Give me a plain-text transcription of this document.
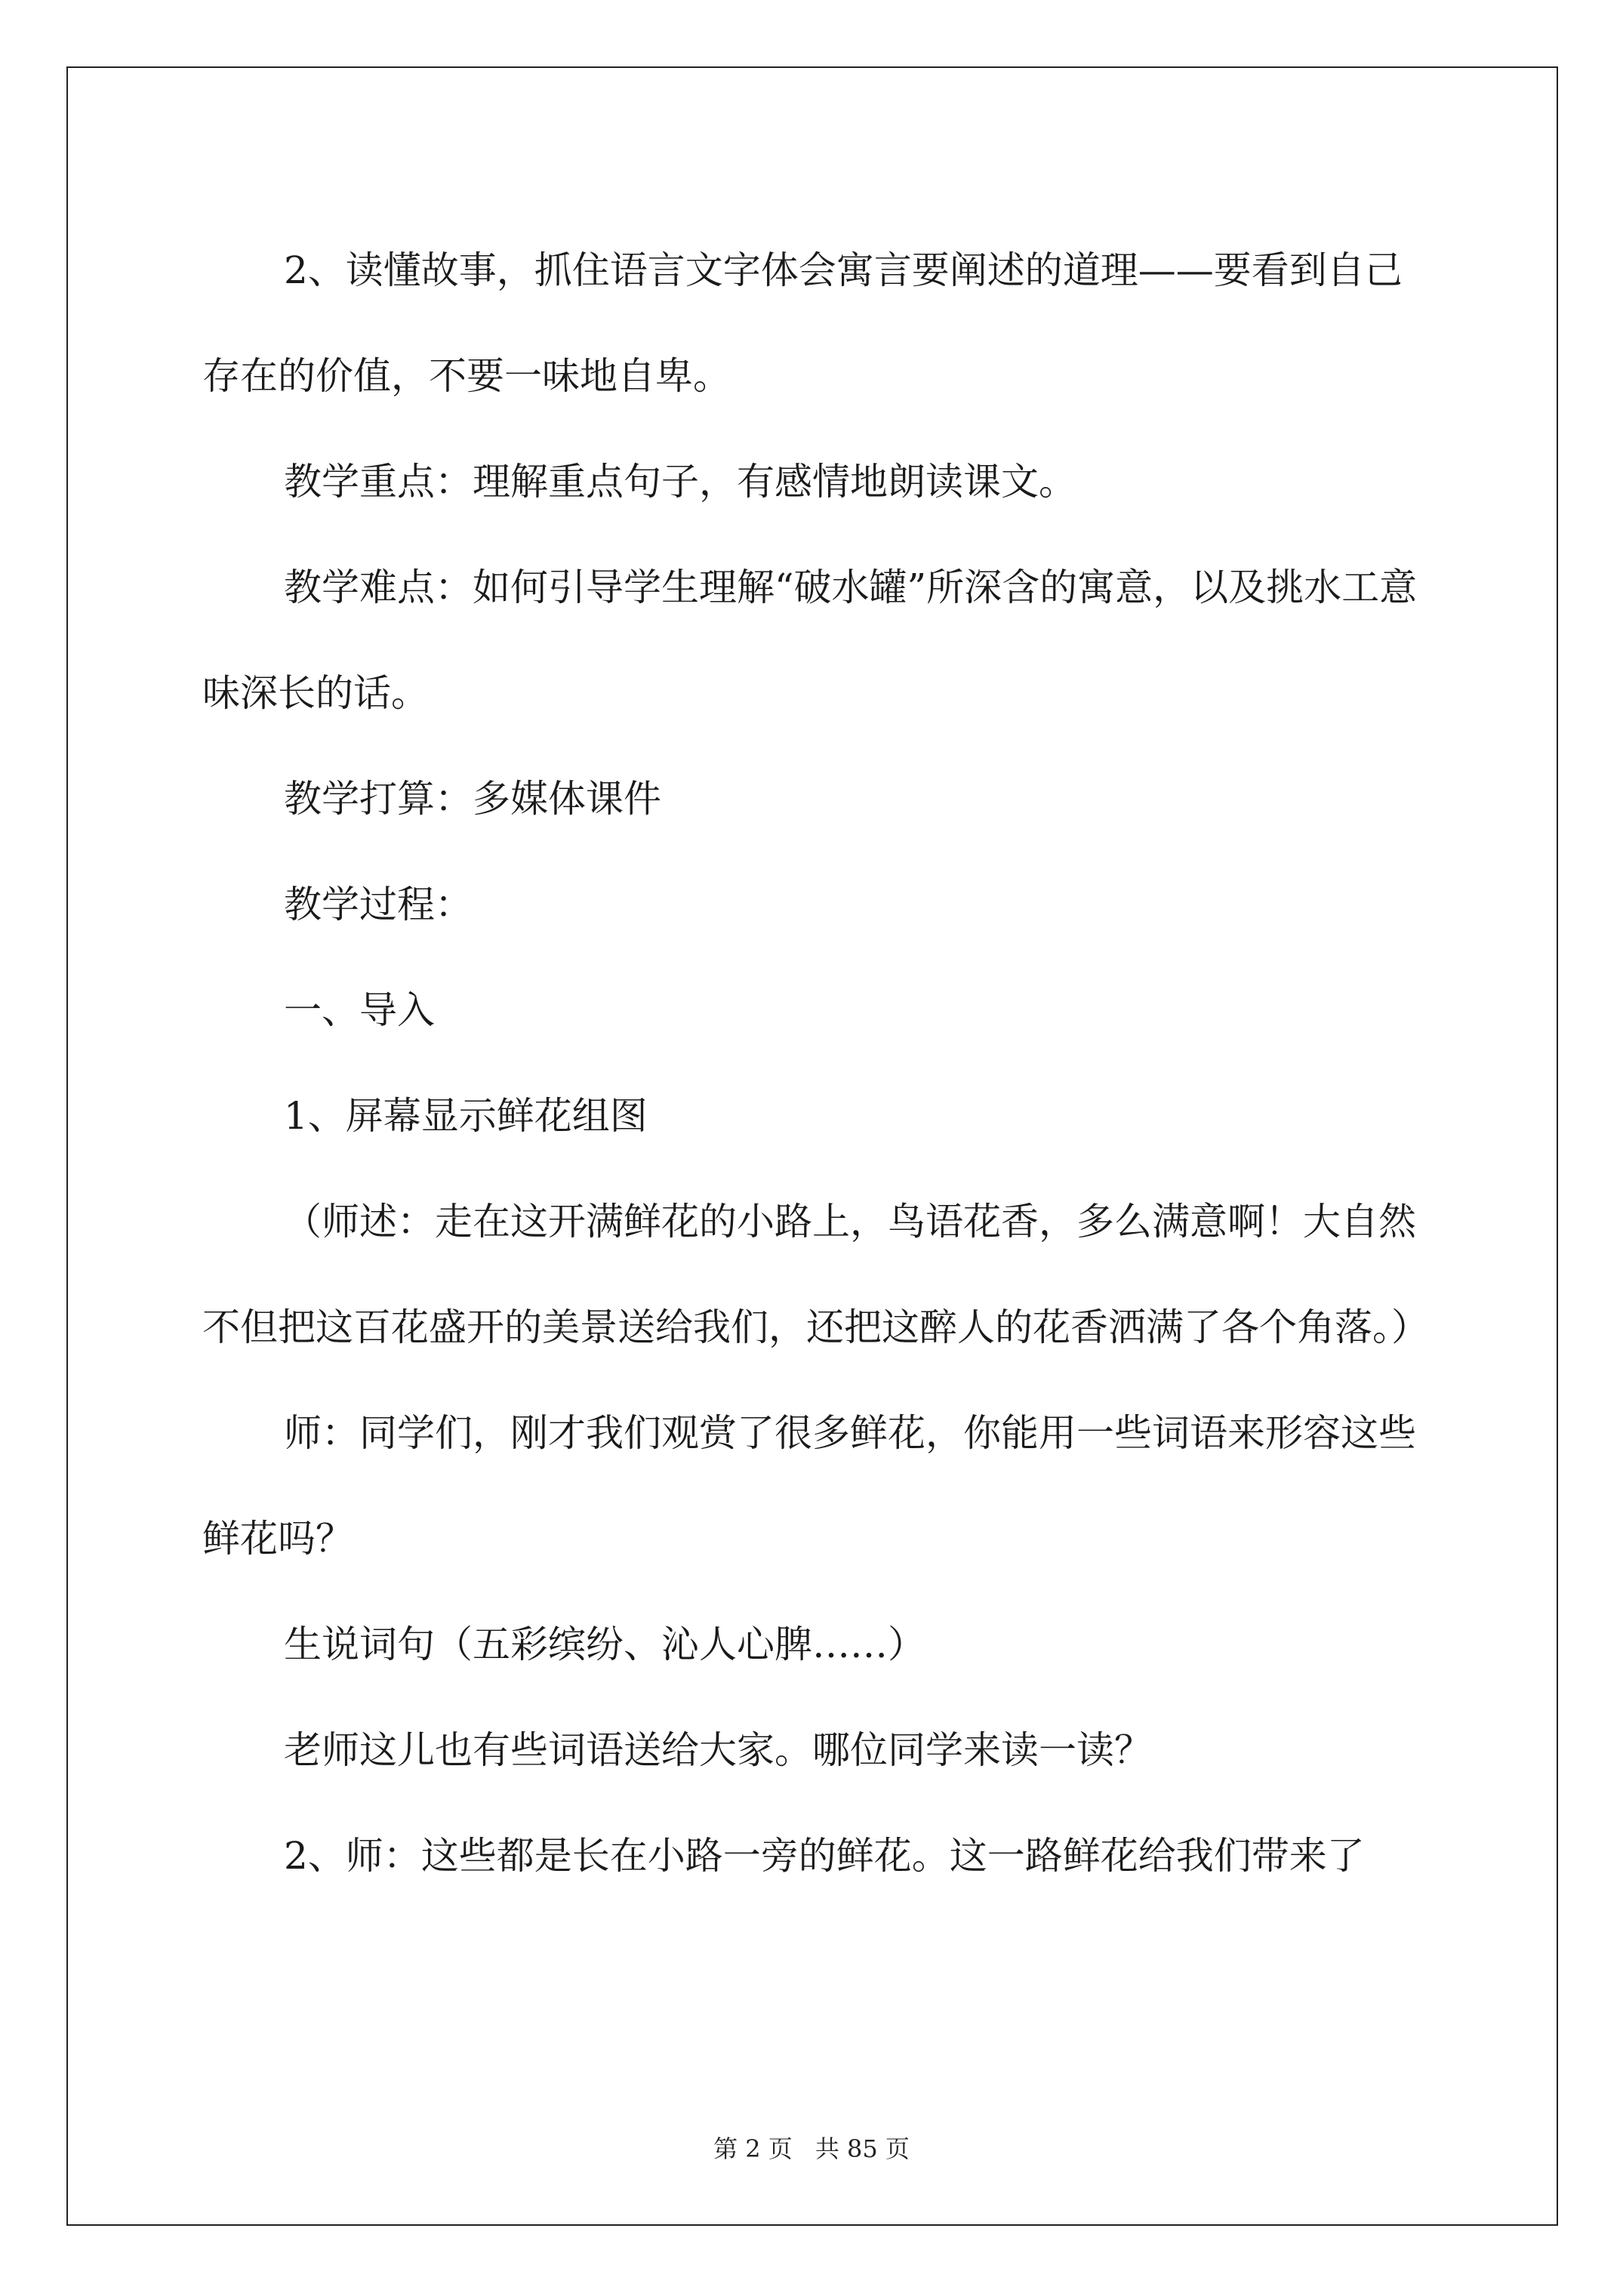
2、读懂故事，抓住语言文字体会寓言要阐述的道理——要看到自己存在的价值，不要一味地自卑。

教学重点：理解重点句子，有感情地朗读课文。

教学难点：如何引导学生理解“破水罐”所深含的寓意，以及挑水工意味深长的话。

教学打算：多媒体课件

教学过程：

一、导入

1、屏幕显示鲜花组图

（师述：走在这开满鲜花的小路上，鸟语花香，多么满意啊！大自然不但把这百花盛开的美景送给我们，还把这醉人的花香洒满了各个角落。）

师：同学们，刚才我们观赏了很多鲜花，你能用一些词语来形容这些鲜花吗？

生说词句（五彩缤纷、沁人心脾……）

老师这儿也有些词语送给大家。哪位同学来读一读？

2、师：这些都是长在小路一旁的鲜花。这一路鲜花给我们带来了

第 2 页 共 85 页
